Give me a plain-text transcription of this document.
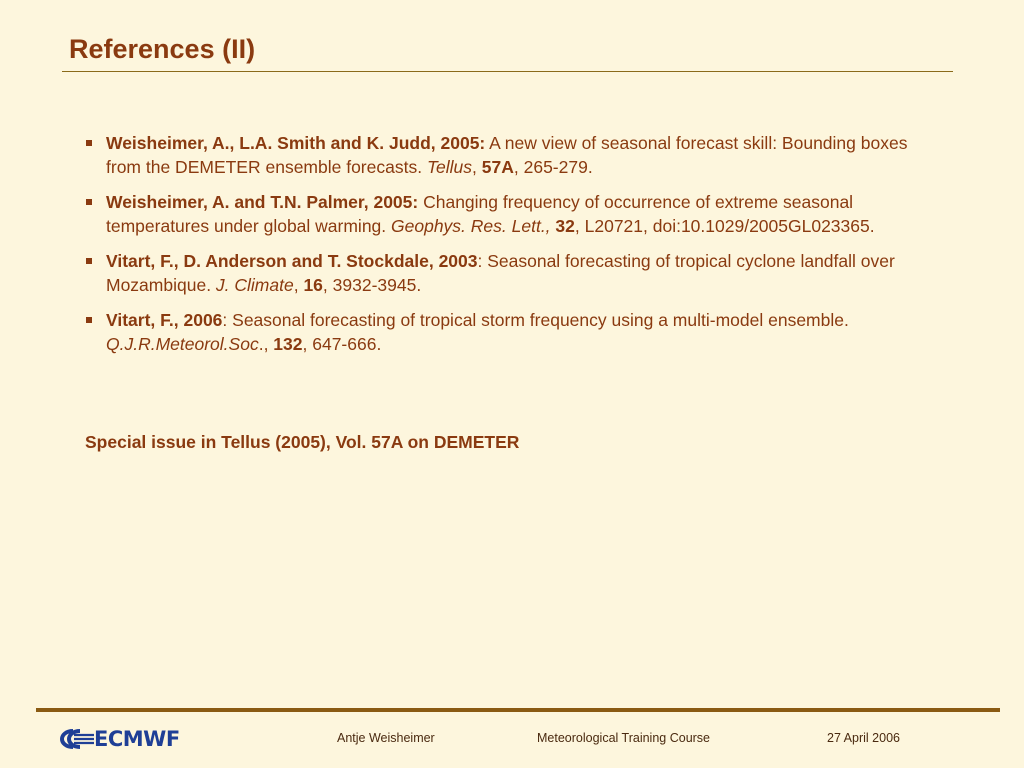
References (II)
Weisheimer, A., L.A. Smith and K. Judd, 2005: A new view of seasonal forecast skill: Bounding boxes from the DEMETER ensemble forecasts. Tellus, 57A, 265-279.
Weisheimer, A. and T.N. Palmer, 2005: Changing frequency of occurrence of extreme seasonal temperatures under global warming. Geophys. Res. Lett., 32, L20721, doi:10.1029/2005GL023365.
Vitart, F., D. Anderson and T. Stockdale, 2003: Seasonal forecasting of tropical cyclone landfall over Mozambique. J. Climate, 16, 3932-3945.
Vitart, F., 2006: Seasonal forecasting of tropical storm frequency using a multi-model ensemble. Q.J.R.Meteorol.Soc., 132, 647-666.
Special issue in Tellus (2005), Vol. 57A on DEMETER
ECMWF	Antje Weisheimer	Meteorological Training Course	27 April 2006
